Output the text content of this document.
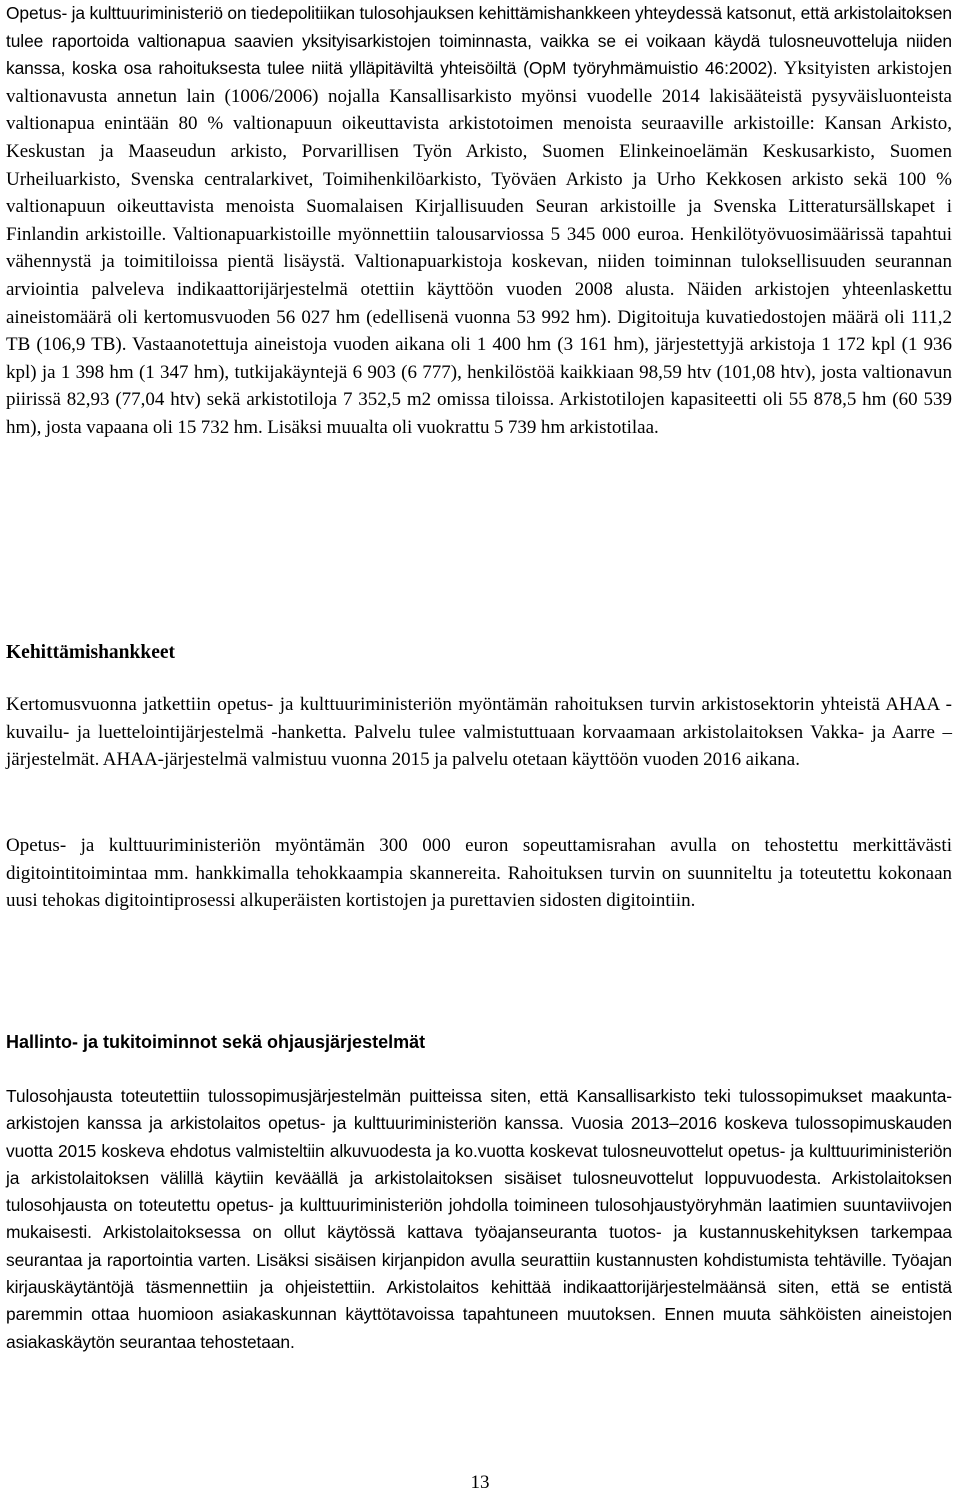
Opetus- ja kulttuuriministeriö on tiedepolitiikan tulosohjauksen kehittämishankkeen yhteydessä katsonut, että arkistolaitoksen tulee raportoida valtionapua saavien yksityisarkistojen toiminnasta, vaikka se ei voikaan käydä tulosneuvotteluja niiden kanssa, koska osa rahoituksesta tulee niitä ylläpitäviltä yhteisöiltä (OpM työryhmämuistio 46:2002). Yksityisten arkistojen valtionavusta annetun lain (1006/2006) nojalla Kansallisarkisto myönsi vuodelle 2014 lakisääteistä pysyväisluonteista valtionapua enintään 80 % valtionapuun oikeuttavista arkistotoimen menoista seuraaville arkistoille: Kansan Arkisto, Keskustan ja Maaseudun arkisto, Porvarillisen Työn Arkisto, Suomen Elinkeinoelämän Keskusarkisto, Suomen Urheiluarkisto, Svenska centralarkivet, Toimihenkilöarkisto, Työväen Arkisto ja Urho Kekkosen arkisto sekä 100 % valtionapuun oikeuttavista menoista Suomalaisen Kirjallisuuden Seuran arkistoille ja Svenska Litteratursällskapet i Finlandin arkistoille. Valtionapuarkistoille myönnettiin talousarviossa 5 345 000 euroa. Henkilötyövuosimäärissä tapahtui vähennystä ja toimitiloissa pientä lisäystä. Valtionapuarkistoja koskevan, niiden toiminnan tuloksellisuuden seurannan arviointia palveleva indikaattorijärjestelmä otettiin käyttöön vuoden 2008 alusta. Näiden arkistojen yhteenlaskettu aineistomäärä oli kertomusvuoden 56 027 hm (edellisenä vuonna 53 992 hm). Digitoituja kuvatiedostojen määrä oli 111,2 TB (106,9 TB). Vastaanotettuja aineistoja vuoden aikana oli 1 400 hm (3 161 hm), järjestettyjä arkistoja 1 172 kpl (1 936 kpl) ja 1 398 hm (1 347 hm), tutkijakäyntejä 6 903 (6 777), henkilöstöä kaikkiaan 98,59 htv (101,08 htv), josta valtionavun piirissä 82,93 (77,04 htv) sekä arkistotiloja 7 352,5 m2 omissa tiloissa. Arkistotilojen kapasiteetti oli 55 878,5 hm (60 539 hm), josta vapaana oli 15 732 hm. Lisäksi muualta oli vuokrattu 5 739 hm arkistotilaa.

Kehittämishankkeet

Kertomusvuonna jatkettiin opetus- ja kulttuuriministeriön myöntämän rahoituksen turvin arkistosektorin yhteistä AHAA -kuvailu- ja luettelointijärjestelmä -hanketta. Palvelu tulee valmistuttuaan korvaamaan arkistolaitoksen Vakka- ja Aarre –järjestelmät. AHAA-järjestelmä valmistuu vuonna 2015 ja palvelu otetaan käyttöön vuoden 2016 aikana.

Opetus- ja kulttuuriministeriön myöntämän 300 000 euron sopeuttamisrahan avulla on tehostettu merkittävästi digitointitoimintaa mm. hankkimalla tehokkaampia skannereita. Rahoituksen turvin on suunniteltu ja toteutettu kokonaan uusi tehokas digitointiprosessi alkuperäisten kortistojen ja purettavien sidosten digitointiin.

Hallinto- ja tukitoiminnot sekä ohjausjärjestelmät

Tulosohjausta toteutettiin tulossopimusjärjestelmän puitteissa siten, että Kansallisarkisto teki tulossopimukset maakunta-arkistojen kanssa ja arkistolaitos opetus- ja kulttuuriministeriön kanssa. Vuosia 2013–2016 koskeva tulossopimuskauden vuotta 2015 koskeva ehdotus valmisteltiin alkuvuodesta ja ko.vuotta koskevat tulosneuvottelut opetus- ja kulttuuriministeriön ja arkistolaitoksen välillä käytiin keväällä ja arkistolaitoksen sisäiset tulosneuvottelut loppuvuodesta. Arkistolaitoksen tulosohjausta on toteutettu opetus- ja kulttuuriministeriön johdolla toimineen tulosohjaustyöryhmän laatimien suuntaviivojen mukaisesti. Arkistolaitoksessa on ollut käytössä kattava työajanseuranta tuotos- ja kustannuskehityksen tarkempaa seurantaa ja raportointia varten. Lisäksi sisäisen kirjanpidon avulla seurattiin kustannusten kohdistumista tehtäville. Työajan kirjauskäytäntöjä täsmennettiin ja ohjeistettiin. Arkistolaitos kehittää indikaattorijärjestelmäänsä siten, että se entistä paremmin ottaa huomioon asiakaskunnan käyttötavoissa tapahtuneen muutoksen. Ennen muuta sähköisten aineistojen asiakaskäytön seurantaa tehostetaan.

13
